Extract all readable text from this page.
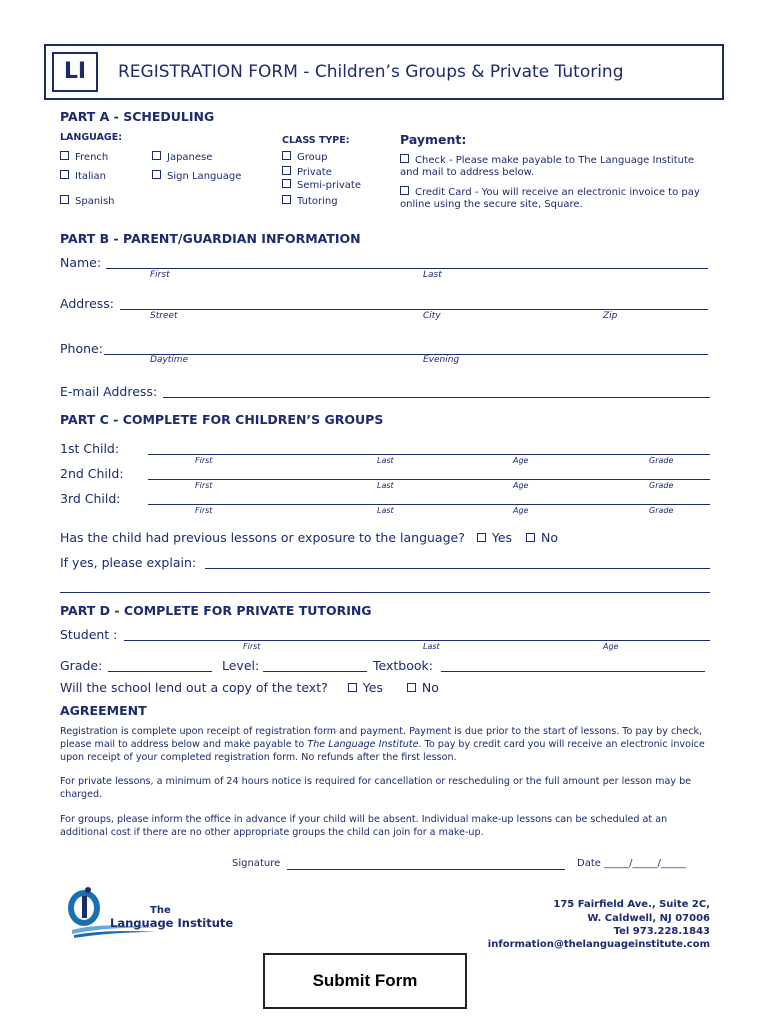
LI	REGISTRATION FORM - Children’s Groups & Private Tutoring
PART A - SCHEDULING
LANGUAGE:
French	Japanese
Italian	Sign Language
Spanish
CLASS TYPE:
Group
Private
Semi-private
Tutoring
Payment:
Check - Please make payable to The Language Institute
and mail to address below.
Credit Card - You will receive an electronic invoice to pay
online using the secure site, Square.
PART B - PARENT/GUARDIAN INFORMATION
Name:
First	Last
Address:
Street	City	Zip
Phone:
Daytime	Evening
E-mail Address:
PART C - COMPLETE FOR CHILDREN’S GROUPS
1st Child:
First	Last	Age	Grade
2nd Child:
First	Last	Age	Grade
3rd Child:
First	Last	Age	Grade
Has the child had previous lessons or exposure to the language? Yes No
If yes, please explain:
PART D - COMPLETE FOR PRIVATE TUTORING
Student :
First	Last	Age
Grade:	Level:	Textbook:
Will the school lend out a copy of the text?	Yes	No
AGREEMENT
Registration is complete upon receipt of registration form and payment. Payment is due prior to the start of lessons. To pay by check, please mail to address below and make payable to The Language Institute. To pay by credit card you will receive an electronic invoice upon receipt of your completed registration form. No refunds after the first lesson.
For private lessons, a minimum of 24 hours notice is required for cancellation or rescheduling or the full amount per lesson may be charged.
For groups, please inform the office in advance if your child will be absent. Individual make-up lessons can be scheduled at an additional cost if there are no other appropriate groups the child can join for a make-up.
Signature	Date _____/_____/_____
The
Language Institute
175 Fairfield Ave., Suite 2C,
W. Caldwell, NJ 07006
Tel 973.228.1843
information@thelanguageinstitute.com
Submit Form
